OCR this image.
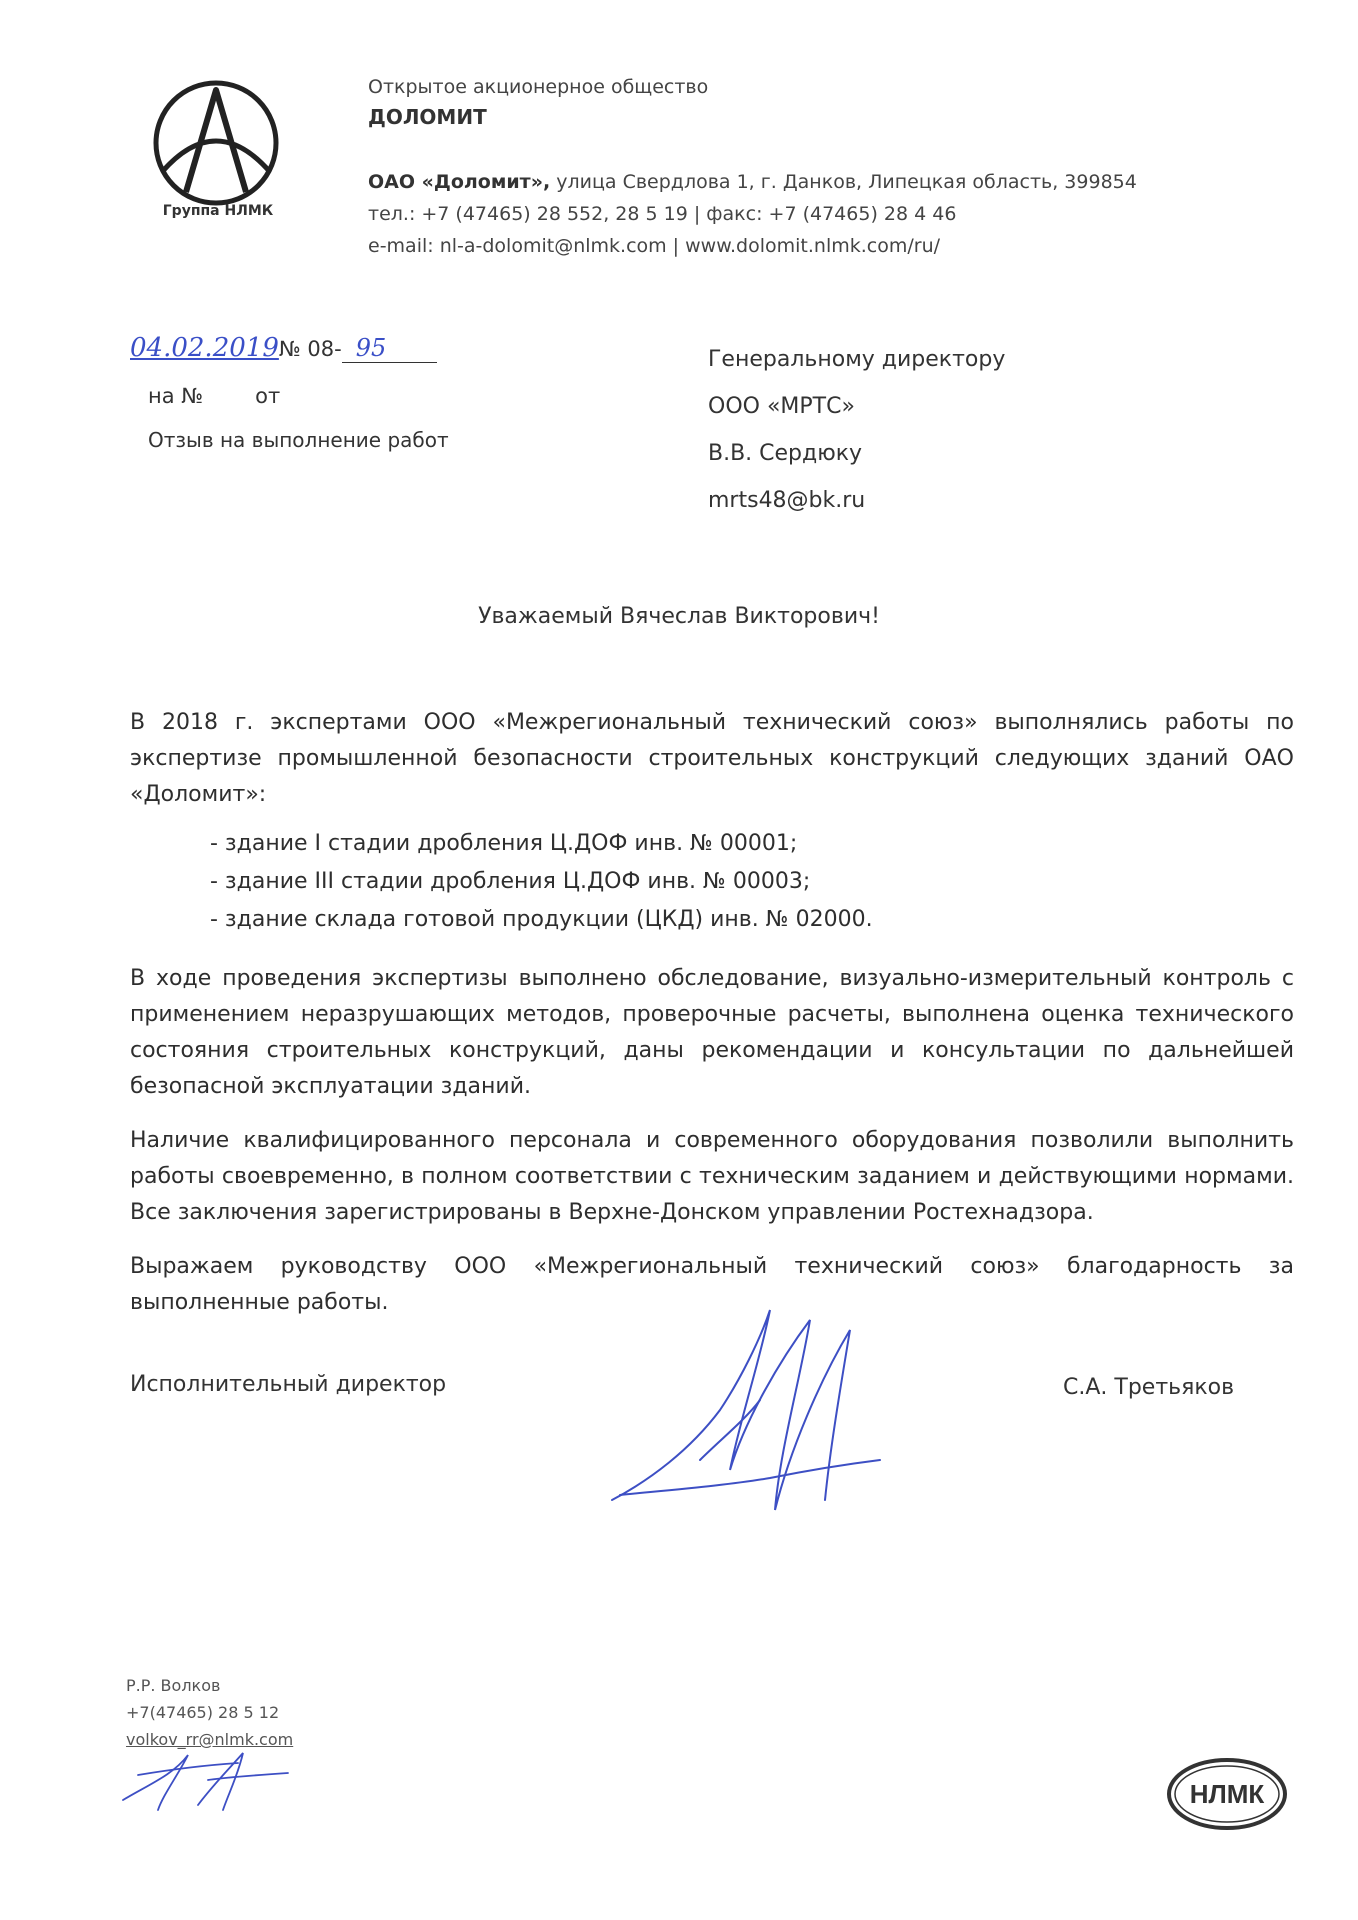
Группа НЛМК
Открытое акционерное общество
ДОЛОМИТ
ОАО «Доломит», улица Свердлова 1, г. Данков, Липецкая область, 399854
тел.: +7 (47465) 28 552, 28 5 19 | факс: +7 (47465) 28 4 46
e-mail: nl-a-dolomit@nlmk.com | www.dolomit.nlmk.com/ru/
04.02.2019№ 08- 95
на № от
Отзыв на выполнение работ
Генеральному директору
ООО «МРТС»
В.В. Сердюку
mrts48@bk.ru
Уважаемый Вячеслав Викторович!

В 2018 г. экспертами ООО «Межрегиональный технический союз» выполнялись работы по экспертизе промышленной безопасности строительных конструкций следующих зданий ОАО «Доломит»:

- здание I стадии дробления Ц.ДОФ инв. № 00001;
- здание III стадии дробления Ц.ДОФ инв. № 00003;
- здание склада готовой продукции (ЦКД) инв. № 02000.

В ходе проведения экспертизы выполнено обследование, визуально-измерительный контроль с применением неразрушающих методов, проверочные расчеты, выполнена оценка технического состояния строительных конструкций, даны рекомендации и консультации по дальнейшей безопасной эксплуатации зданий.

Наличие квалифицированного персонала и современного оборудования позволили выполнить работы своевременно, в полном соответствии с техническим заданием и действующими нормами. Все заключения зарегистрированы в Верхне-Донском управлении Ростехнадзора.

Выражаем руководству ООО «Межрегиональный технический союз» благодарность за выполненные работы.

Исполнительный директор	С.А. Третьяков
Р.Р. Волков
+7(47465) 28 5 12
volkov_rr@nlmk.com
НЛМК
